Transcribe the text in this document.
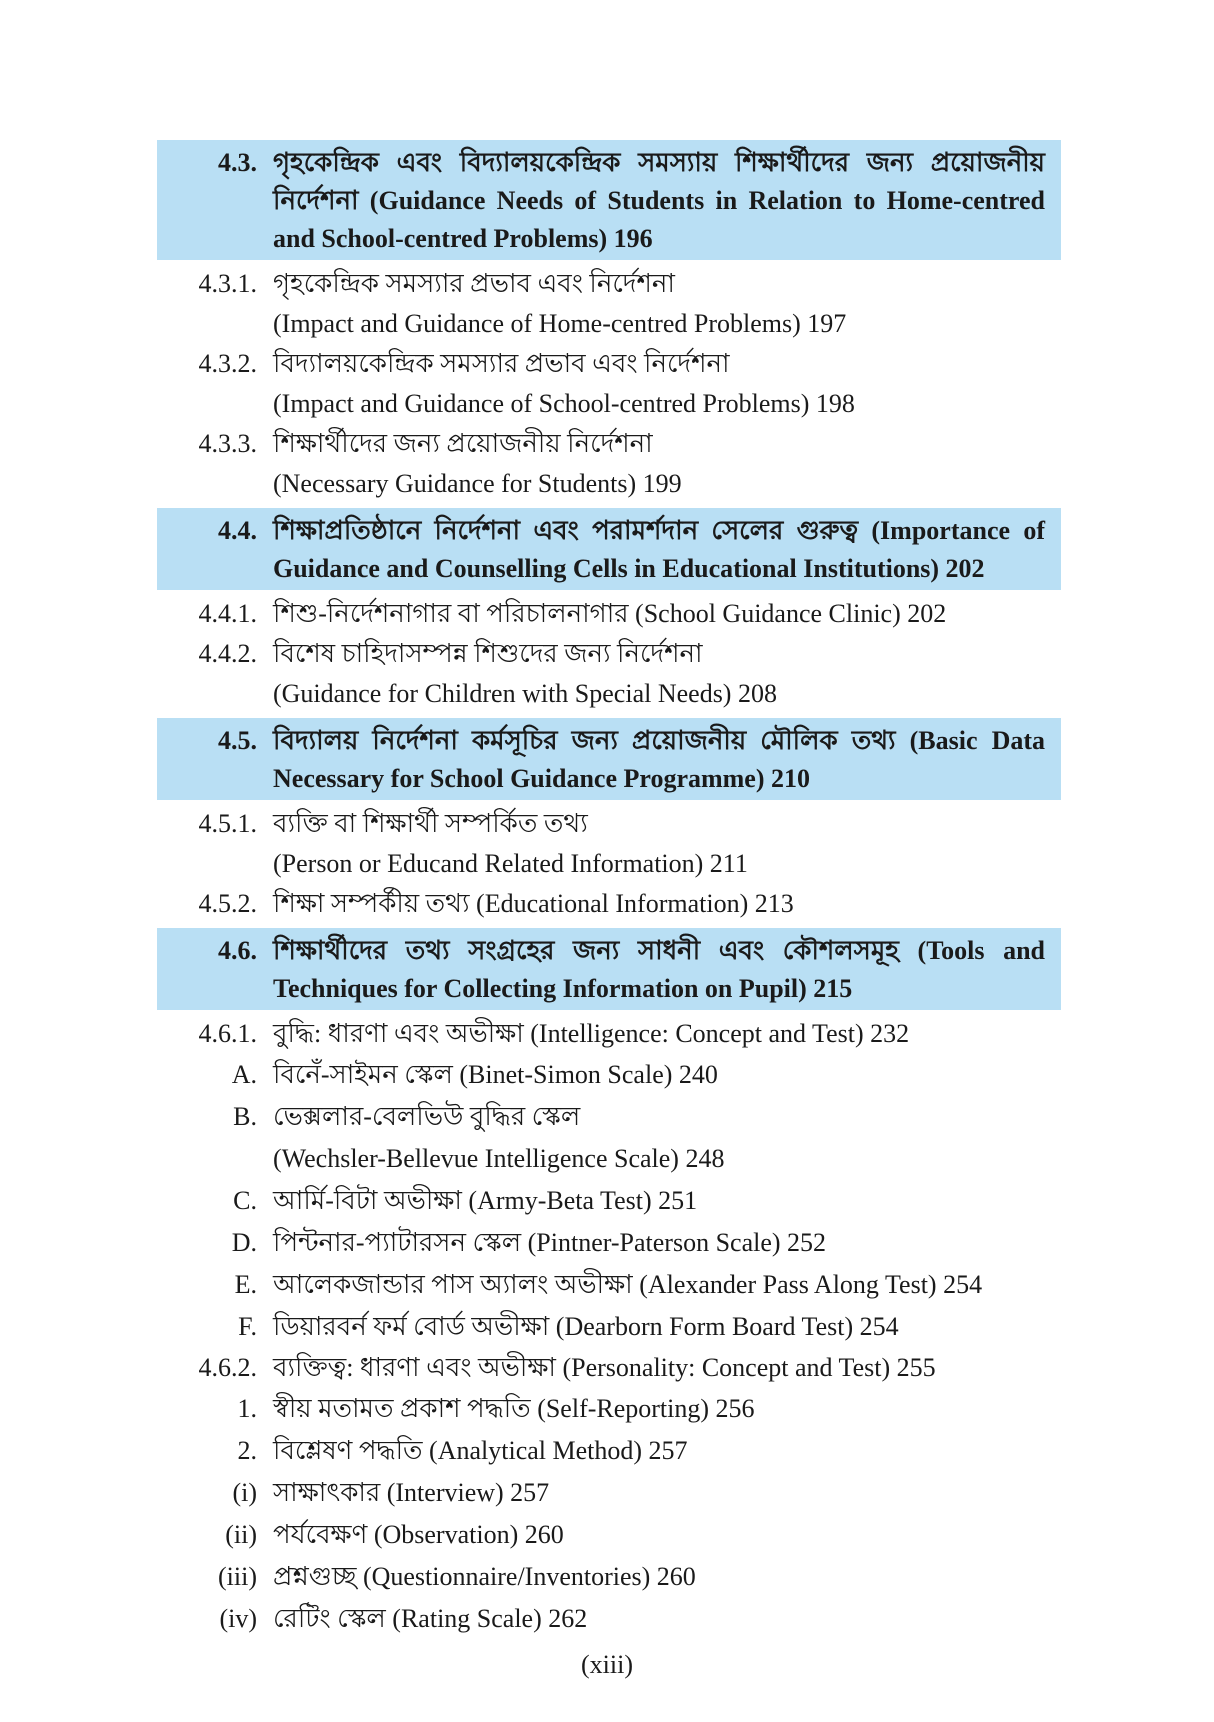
4.3. গৃহকেন্দ্রিক এবং বিদ্যালয়কেন্দ্রিক সমস্যায় শিক্ষার্থীদের জন্য প্রয়োজনীয় নির্দেশনা (Guidance Needs of Students in Relation to Home-centred and School-centred Problems) 196
4.3.1. গৃহকেন্দ্রিক সমস্যার প্রভাব এবং নির্দেশনা
(Impact and Guidance of Home-centred Problems) 197
4.3.2. বিদ্যালয়কেন্দ্রিক সমস্যার প্রভাব এবং নির্দেশনা
(Impact and Guidance of School-centred Problems) 198
4.3.3. শিক্ষার্থীদের জন্য প্রয়োজনীয় নির্দেশনা
(Necessary Guidance for Students) 199
4.4. শিক্ষাপ্রতিষ্ঠানে নির্দেশনা এবং পরামর্শদান সেলের গুরুত্ব (Importance of Guidance and Counselling Cells in Educational Institutions) 202
4.4.1. শিশু-নির্দেশনাগার বা পরিচালনাগার (School Guidance Clinic) 202
4.4.2. বিশেষ চাহিদাসম্পন্ন শিশুদের জন্য নির্দেশনা
(Guidance for Children with Special Needs) 208
4.5. বিদ্যালয় নির্দেশনা কর্মসূচির জন্য প্রয়োজনীয় মৌলিক তথ্য (Basic Data Necessary for School Guidance Programme) 210
4.5.1. ব্যক্তি বা শিক্ষার্থী সম্পর্কিত তথ্য
(Person or Educand Related Information) 211
4.5.2. শিক্ষা সম্পর্কীয় তথ্য (Educational Information) 213
4.6. শিক্ষার্থীদের তথ্য সংগ্রহের জন্য সাধনী এবং কৌশলসমূহ (Tools and Techniques for Collecting Information on Pupil) 215
4.6.1. বুদ্ধি: ধারণা এবং অভীক্ষা (Intelligence: Concept and Test) 232
A. বিনেঁ-সাইমন স্কেল (Binet-Simon Scale) 240
B. ভেক্সলার-বেলভিউ বুদ্ধির স্কেল
(Wechsler-Bellevue Intelligence Scale) 248
C. আর্মি-বিটা অভীক্ষা (Army-Beta Test) 251
D. পিন্টনার-প্যাটারসন স্কেল (Pintner-Paterson Scale) 252
E. আলেকজান্ডার পাস অ্যালং অভীক্ষা (Alexander Pass Along Test) 254
F. ডিয়ারবর্ন ফর্ম বোর্ড অভীক্ষা (Dearborn Form Board Test) 254
4.6.2. ব্যক্তিত্ব: ধারণা এবং অভীক্ষা (Personality: Concept and Test) 255
1. স্বীয় মতামত প্রকাশ পদ্ধতি (Self-Reporting) 256
2. বিশ্লেষণ পদ্ধতি (Analytical Method) 257
(i) সাক্ষাৎকার (Interview) 257
(ii) পর্যবেক্ষণ (Observation) 260
(iii) প্রশ্নগুচ্ছ (Questionnaire/Inventories) 260
(iv) রেটিং স্কেল (Rating Scale) 262
(xiii)
